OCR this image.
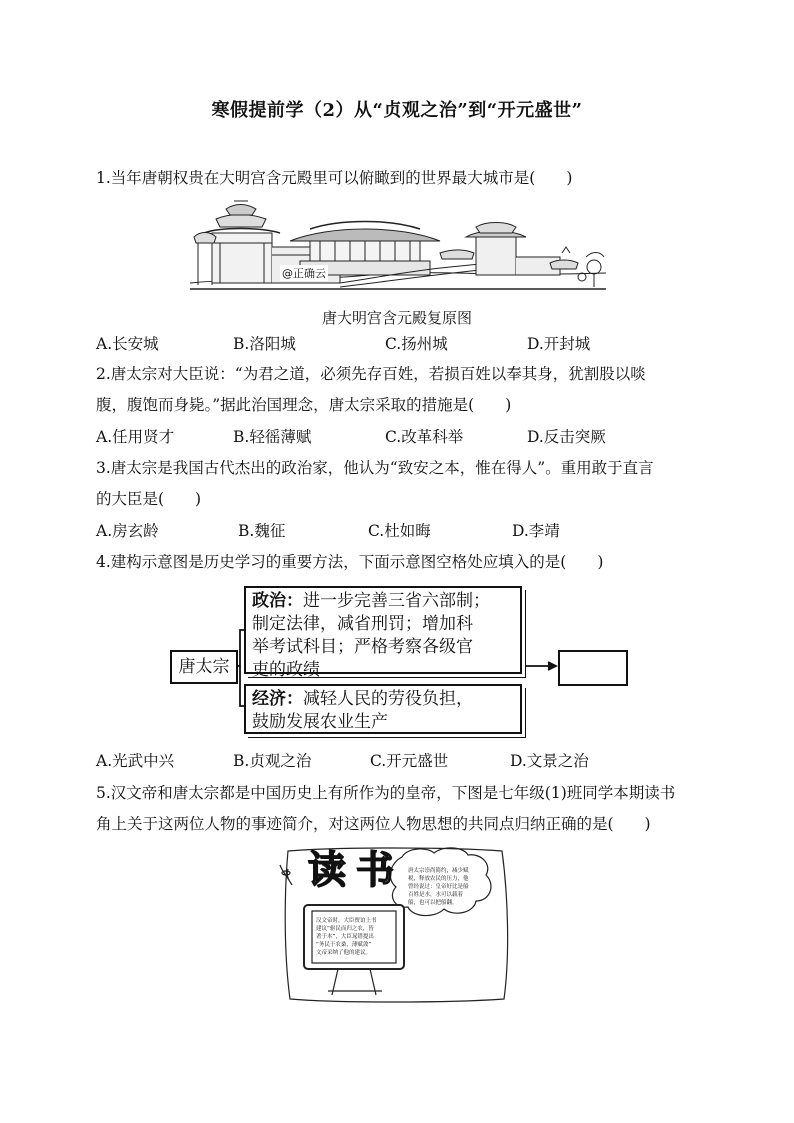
寒假提前学（2）从“贞观之治”到“开元盛世”
1.当年唐朝权贵在大明宫含元殿里可以俯瞰到的世界最大城市是(　　)
@正确云
唐大明宫含元殿复原图
A.长安城	B.洛阳城	C.扬州城	D.开封城
2.唐太宗对大臣说：“为君之道，必须先存百姓，若损百姓以奉其身，犹割股以啖
腹，腹饱而身毙。”据此治国理念，唐太宗采取的措施是(　　)
A.任用贤才	B.轻徭薄赋	C.改革科举	D.反击突厥
3.唐太宗是我国古代杰出的政治家，他认为“致安之本，惟在得人”。重用敢于直言
的大臣是(　　)
A.房玄龄	B.魏征	C.杜如晦	D.李靖
4.建构示意图是历史学习的重要方法，下面示意图空格处应填入的是(　　)
唐太宗
政治：进一步完善三省六部制；
制定法律，减省刑罚；增加科
举考试科目；严格考察各级官
吏的政绩
经济：减轻人民的劳役负担，
鼓励发展农业生产
A.光武中兴	B.贞观之治	C.开元盛世	D.文景之治
5.汉文帝和唐太宗都是中国历史上有所作为的皇帝，下图是七年级(1)班同学本期读书
角上关于这两位人物的事迹简介，对这两位人物思想的共同点归纳正确的是(　　)
读书 唐太宗崇尚简约，减少赋
税，释放农民的压力，他
曾经说过：皇帝好比是船
百姓是水，水可以载着
船，也可以把船翻。
汉文帝时，大臣贾谊上书
建议“驱民而归之农，皆
著于本”，大臣晁错提出
“务民于农桑，薄赋敛”
文帝采纳了他的建议。
